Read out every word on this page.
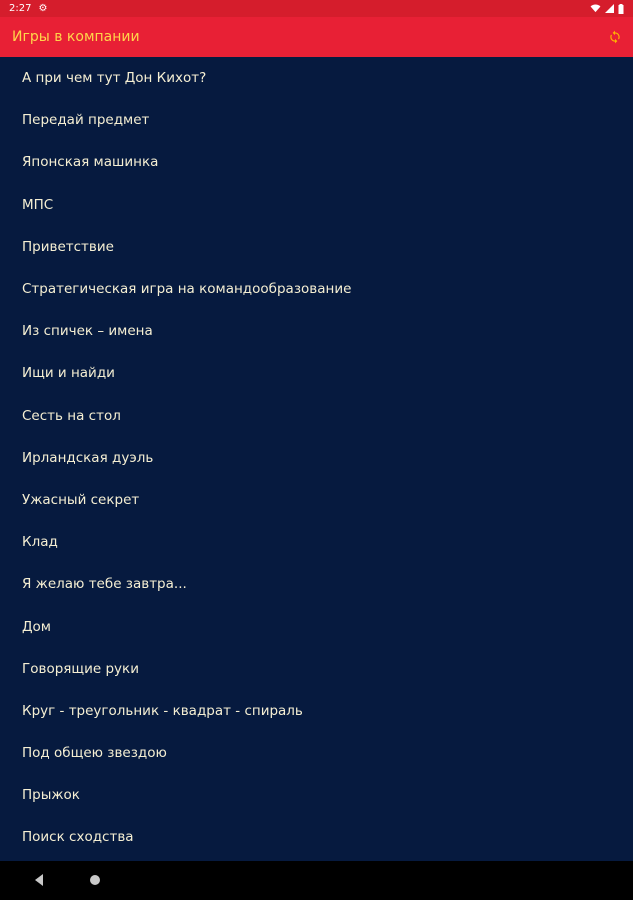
2:27 ⚙
Игры в компании
А при чем тут Дон Кихот?
Передай предмет
Японская машинка
МПС
Приветствие
Стратегическая игра на командообразование
Из спичек – имена
Ищи и найди
Сесть на стол
Ирландская дуэль
Ужасный секрет
Клад
Я желаю тебе завтра...
Дом
Говорящие руки
Круг - треугольник - квадрат - спираль
Под общею звездою
Прыжок
Поиск сходства
